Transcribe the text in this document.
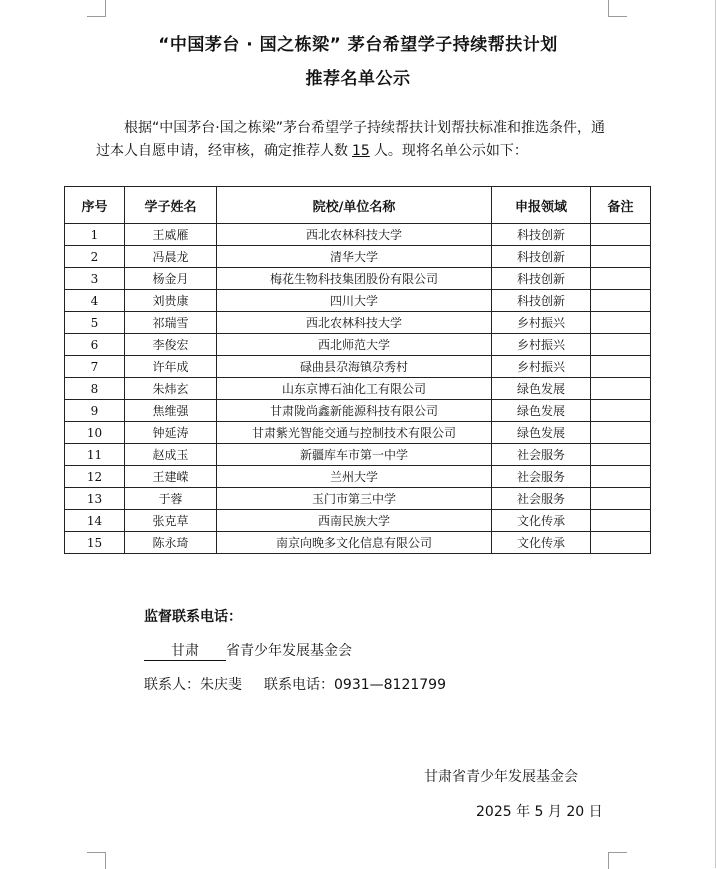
“中国茅台 · 国之栋梁” 茅台希望学子持续帮扶计划
推荐名单公示
根据“中国茅台·国之栋梁”茅台希望学子持续帮扶计划帮扶标准和推选条件，通过本人自愿申请，经审核，确定推荐人数 15 人。现将名单公示如下：
序号	学子姓名	院校/单位名称	申报领域	备注
1	王威雁	西北农林科技大学	科技创新	
2	冯晨龙	清华大学	科技创新	
3	杨金月	梅花生物科技集团股份有限公司	科技创新	
4	刘贵康	四川大学	科技创新	
5	祁瑞雪	西北农林科技大学	乡村振兴	
6	李俊宏	西北师范大学	乡村振兴	
7	许年成	碌曲县尕海镇尕秀村	乡村振兴	
8	朱炜玄	山东京博石油化工有限公司	绿色发展	
9	焦维强	甘肃陇尚鑫新能源科技有限公司	绿色发展	
10	钟延涛	甘肃紫光智能交通与控制技术有限公司	绿色发展	
11	赵成玉	新疆库车市第一中学	社会服务	
12	王建嵘	兰州大学	社会服务	
13	于蓉	玉门市第三中学	社会服务	
14	张克草	西南民族大学	文化传承	
15	陈永琦	南京向晚多文化信息有限公司	文化传承	
监督联系电话：
甘肃 省青少年发展基金会
联系人：朱庆斐 联系电话：0931—8121799
甘肃省青少年发展基金会
2025 年 5 月 20 日
